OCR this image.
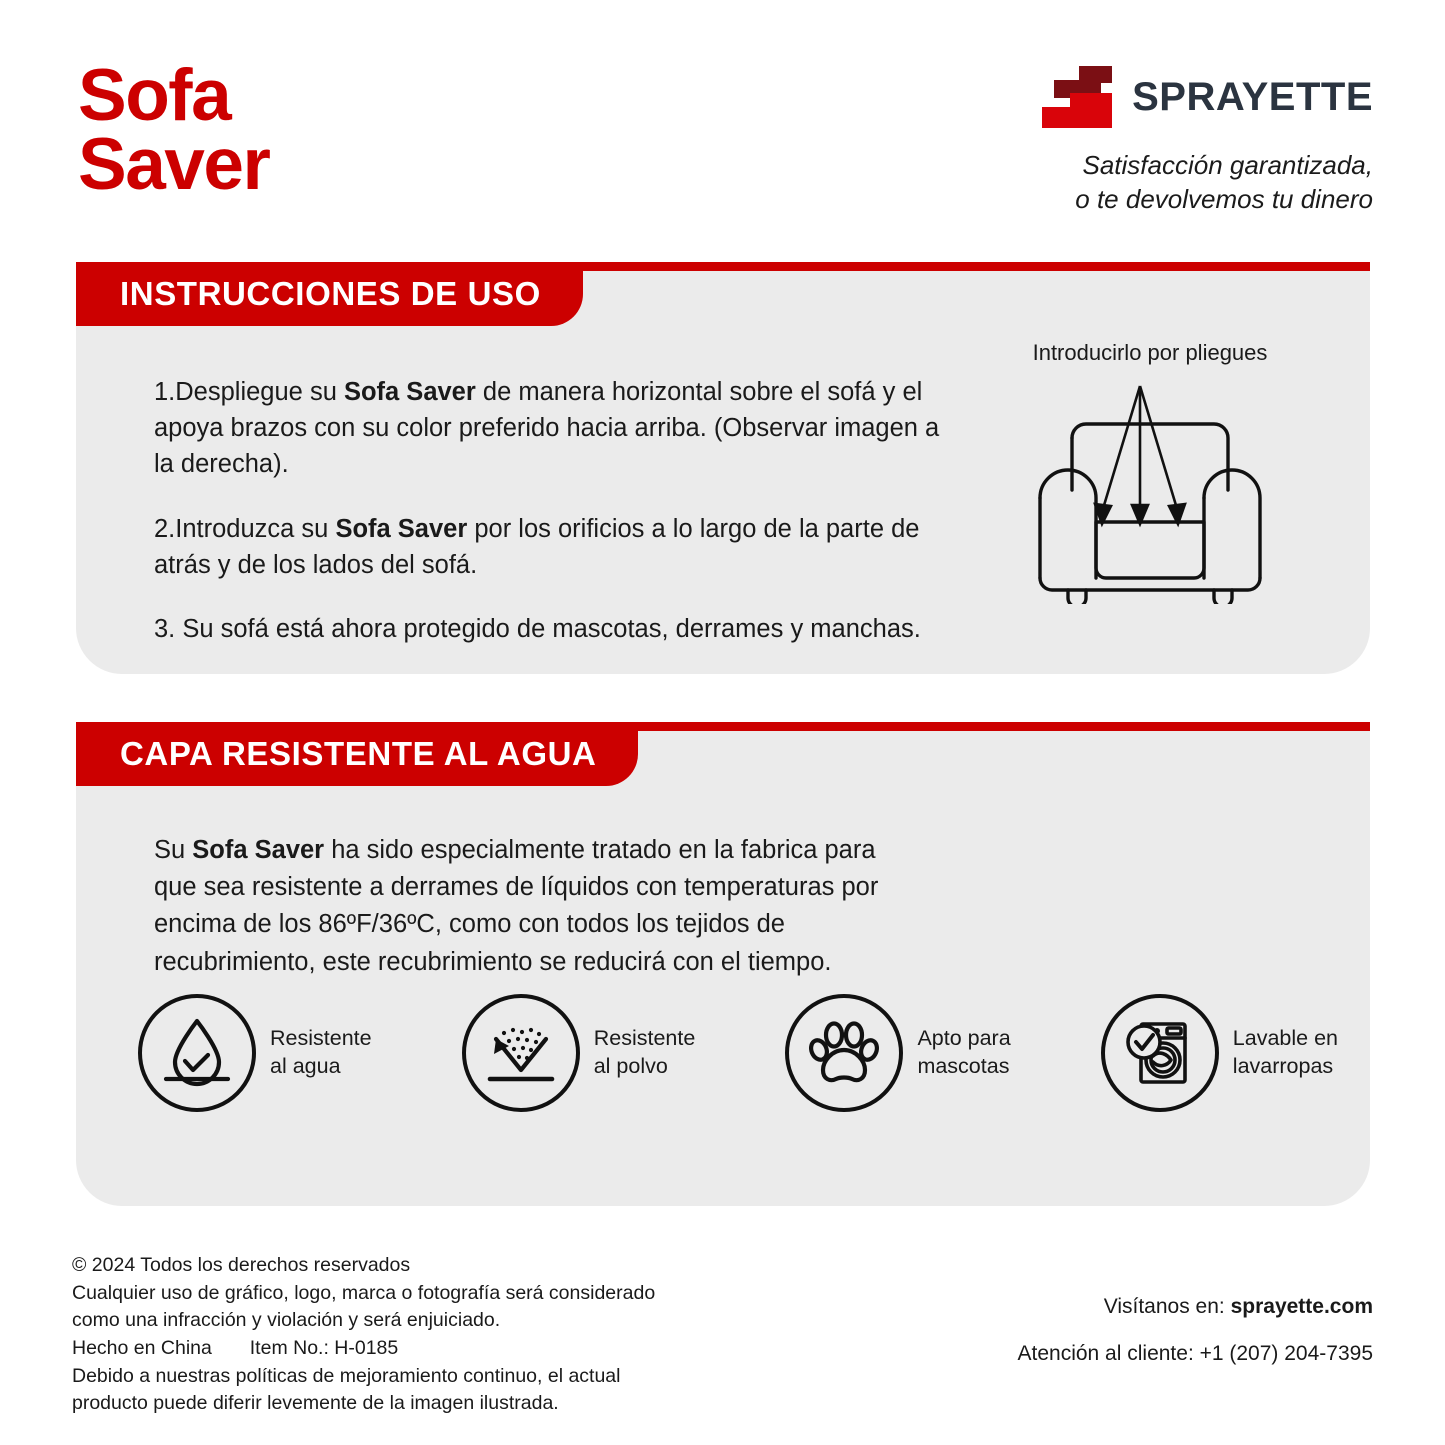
Sofa
Saver
SPRAYETTE
Satisfacción garantizada,
o te devolvemos tu dinero
INSTRUCCIONES DE USO

1.Despliegue su Sofa Saver de manera horizontal sobre el sofá y el apoya brazos con su color preferido hacia arriba. (Observar imagen a la derecha).

2.Introduzca su Sofa Saver por los orificios a lo largo de la parte de atrás y de los lados del sofá.

3. Su sofá está ahora protegido de mascotas, derrames y manchas.

Introducirlo por pliegues
CAPA RESISTENTE AL AGUA
Su Sofa Saver ha sido especialmente tratado en la fabrica para que sea resistente a derrames de líquidos con temperaturas por encima de los 86ºF/36ºC, como con todos los tejidos de recubrimiento, este recubrimiento se reducirá con el tiempo.
Resistente
al agua
Resistente
al polvo
Apto para
mascotas
Lavable en
lavarropas
© 2024 Todos los derechos reservados
Cualquier uso de gráfico, logo, marca o fotografía será considerado
como una infracción y violación y será enjuiciado.
Hecho en China       Item No.: H-0185
Debido a nuestras políticas de mejoramiento continuo, el actual
producto puede diferir levemente de la imagen ilustrada.
Visítanos en: sprayette.com
Atención al cliente: +1 (207) 204-7395
